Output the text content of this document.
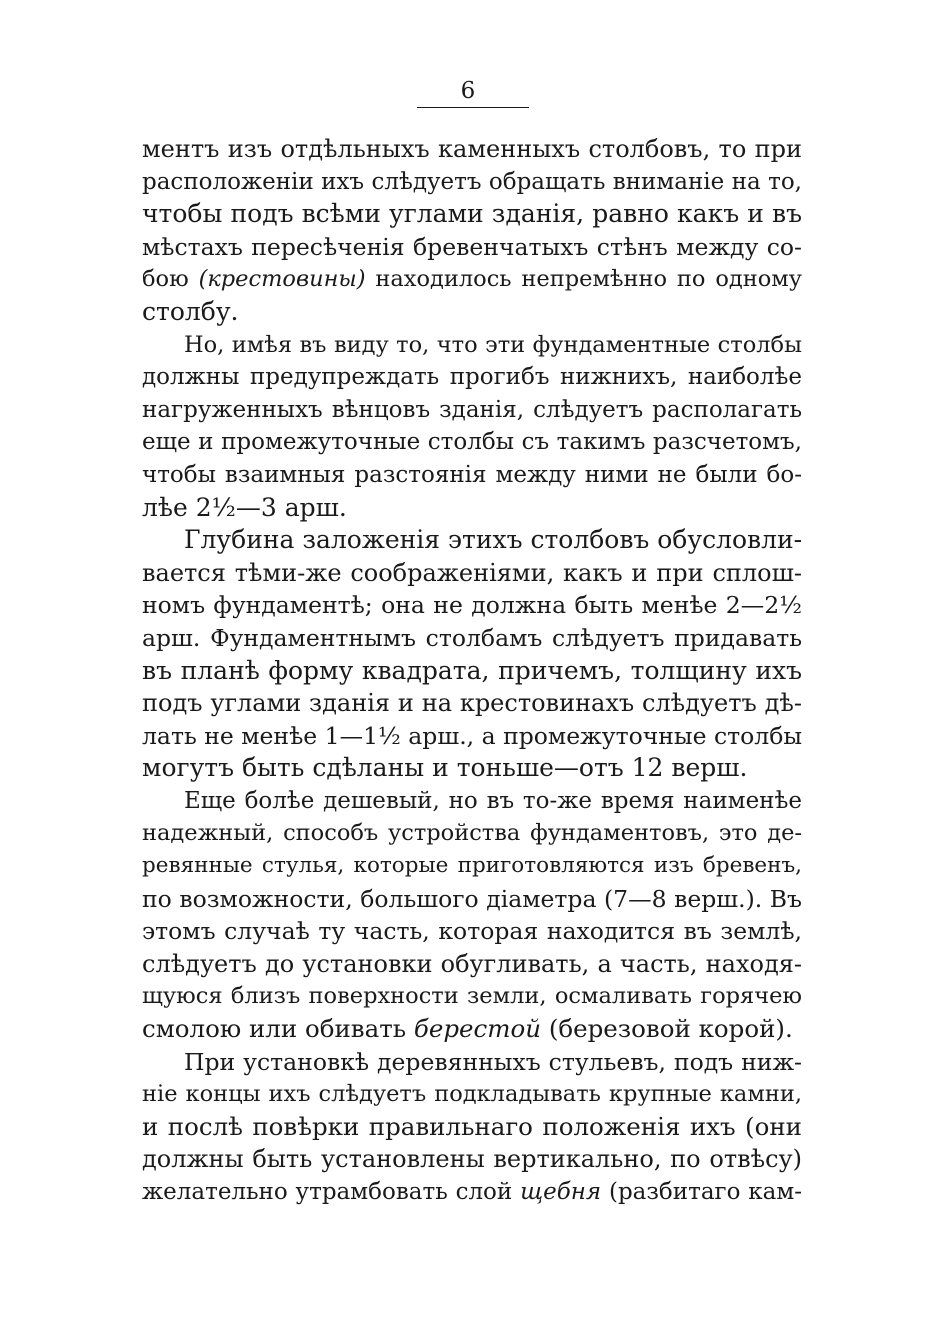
6
ментъ изъ отдѣльныхъ каменныхъ столбовъ, то при
расположеніи ихъ слѣдуетъ обращать вниманіе на то,
чтобы подъ всѣми углами зданія, равно какъ и въ
мѣстахъ пересѣченія бревенчатыхъ стѣнъ между со-
бою (крестовины) находилось непремѣнно по одному
столбу.
Но, имѣя въ виду то, что эти фундаментные столбы
должны предупреждать прогибъ нижнихъ, наиболѣе
нагруженныхъ вѣнцовъ зданія, слѣдуетъ располагать
еще и промежуточные столбы съ такимъ разсчетомъ,
чтобы взаимныя разстоянія между ними не были бо-
лѣе 2½—3 арш.
Глубина заложенія этихъ столбовъ обусловли-
вается тѣми-же соображеніями, какъ и при сплош-
номъ фундаментѣ; она не должна быть менѣе 2—2½
арш. Фундаментнымъ столбамъ слѣдуетъ придавать
въ планѣ форму квадрата, причемъ, толщину ихъ
подъ углами зданія и на крестовинахъ слѣдуетъ дѣ-
лать не менѣе 1—1½ арш., а промежуточные столбы
могутъ быть сдѣланы и тоньше—отъ 12 верш.
Еще болѣе дешевый, но въ то-же время наименѣе
надежный, способъ устройства фундаментовъ, это де-
ревянные стулья, которые приготовляются изъ бревенъ,
по возможности, большого діаметра (7—8 верш.). Въ
этомъ случаѣ ту часть, которая находится въ землѣ,
слѣдуетъ до установки обугливать, а часть, находя-
щуюся близъ поверхности земли, осмаливать горячею
смолою или обивать берестой (березовой корой).
При установкѣ деревянныхъ стульевъ, подъ ниж-
ніе концы ихъ слѣдуетъ подкладывать крупные камни,
и послѣ повѣрки правильнаго положенія ихъ (они
должны быть установлены вертикально, по отвѣсу)
желательно утрамбовать слой щебня (разбитаго кам-
